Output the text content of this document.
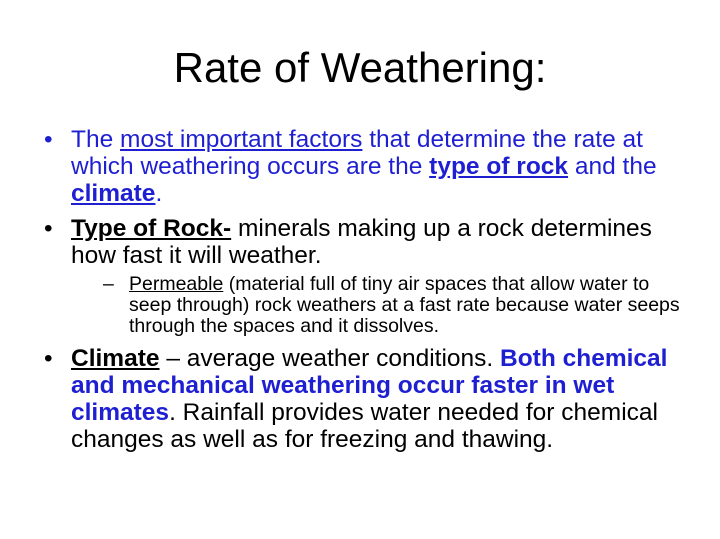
Rate of Weathering:
• The most important factors that determine the rate at which weathering occurs are the type of rock and the climate.
• Type of Rock- minerals making up a rock determines how fast it will weather.
– Permeable (material full of tiny air spaces that allow water to seep through) rock weathers at a fast rate because water seeps through the spaces and it dissolves.
• Climate – average weather conditions. Both chemical and mechanical weathering occur faster in wet climates. Rainfall provides water needed for chemical changes as well as for freezing and thawing.
